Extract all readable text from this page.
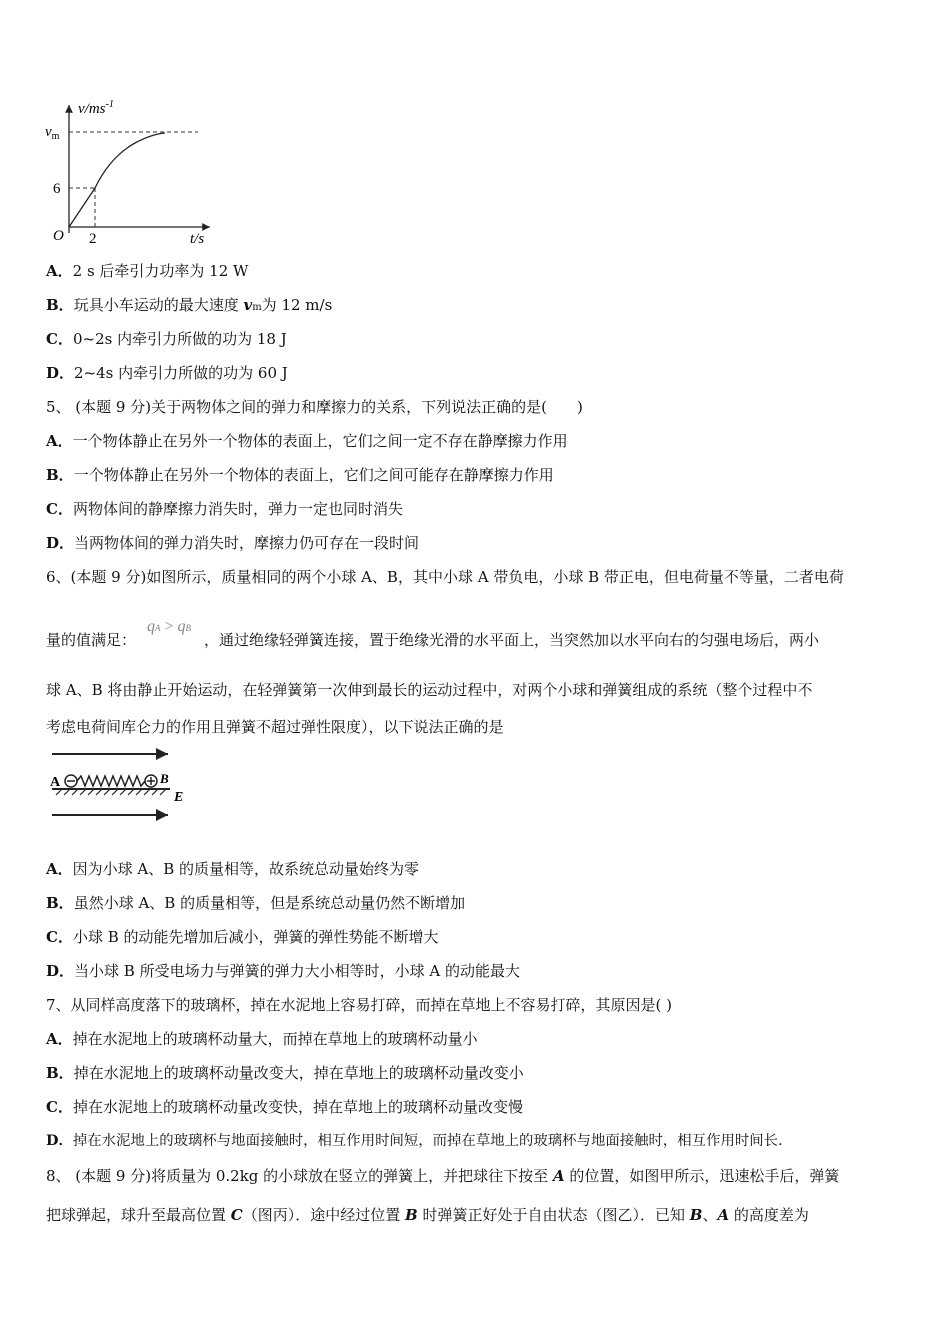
$v/ms^{-1}$
$v_m$
6
O 2	t/s
A．2 s 后牵引力功率为 12 W
B．玩具小车运动的最大速度 vm为 12 m/s
C．0~2s 内牵引力所做的功为 18 J
D．2~4s 内牵引力所做的功为 60 J
5、 (本题 9 分)关于两物体之间的弹力和摩擦力的关系，下列说法正确的是(　　)
A．一个物体静止在另外一个物体的表面上，它们之间一定不存在静摩擦力作用
B．一个物体静止在另外一个物体的表面上，它们之间可能存在静摩擦力作用
C．两物体间的静摩擦力消失时，弹力一定也同时消失
D．当两物体间的弹力消失时，摩擦力仍可存在一段时间
6、(本题 9 分)如图所示，质量相同的两个小球 A、B，其中小球 A 带负电，小球 B 带正电，但电荷量不等量，二者电荷
量的值满足：
qA > qB
，通过绝缘轻弹簧连接，置于绝缘光滑的水平面上，当突然加以水平向右的匀强电场后，两小
球 A、B 将由静止开始运动，在轻弹簧第一次伸到最长的运动过程中，对两个小球和弹簧组成的系统（整个过程中不
考虑电荷间库仑力的作用且弹簧不超过弹性限度），以下说法正确的是
A	B
E
A．因为小球 A、B 的质量相等，故系统总动量始终为零
B．虽然小球 A、B 的质量相等，但是系统总动量仍然不断增加
C．小球 B 的动能先增加后减小，弹簧的弹性势能不断增大
D．当小球 B 所受电场力与弹簧的弹力大小相等时，小球 A 的动能最大
7、从同样高度落下的玻璃杯，掉在水泥地上容易打碎，而掉在草地上不容易打碎，其原因是( )
A．掉在水泥地上的玻璃杯动量大，而掉在草地上的玻璃杯动量小
B．掉在水泥地上的玻璃杯动量改变大，掉在草地上的玻璃杯动量改变小
C．掉在水泥地上的玻璃杯动量改变快，掉在草地上的玻璃杯动量改变慢
D．掉在水泥地上的玻璃杯与地面接触时，相互作用时间短，而掉在草地上的玻璃杯与地面接触时，相互作用时间长.
8、 (本题 9 分)将质量为 0.2kg 的小球放在竖立的弹簧上，并把球往下按至 A 的位置，如图甲所示，迅速松手后，弹簧
把球弹起，球升至最高位置 C（图丙）．途中经过位置 B 时弹簧正好处于自由状态（图乙）．已知 B、A 的高度差为
